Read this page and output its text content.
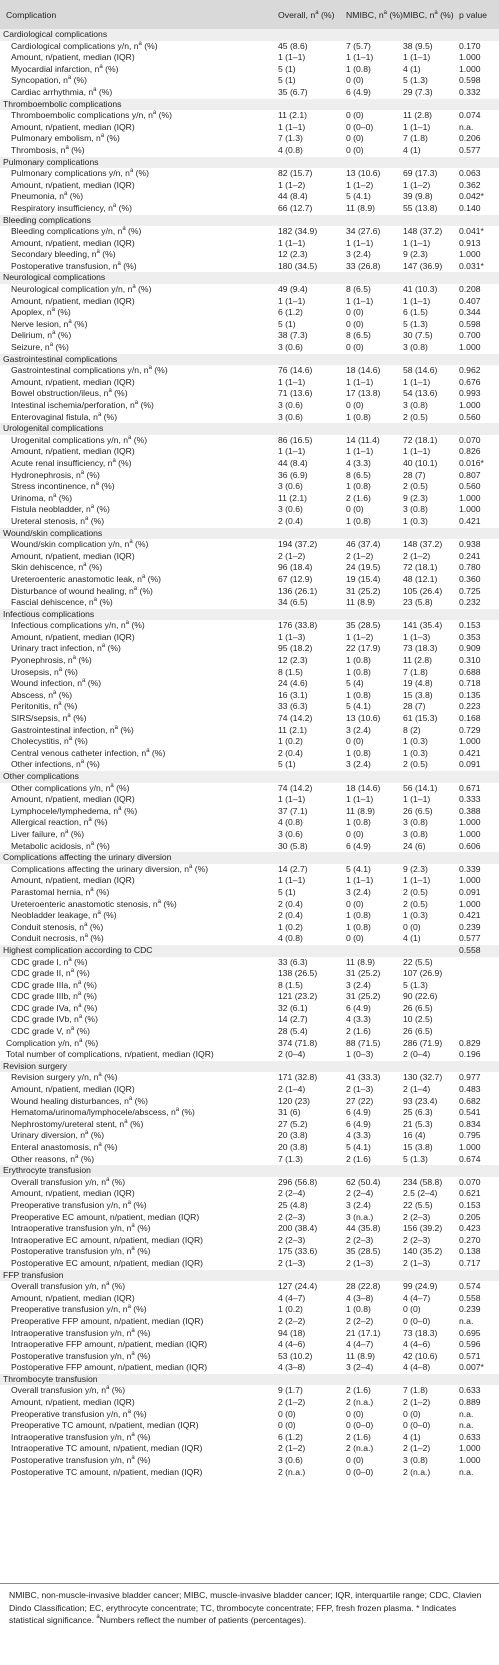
Complication	Overall, $n^a$ (%)	NMIBC, $n^a$ (%)	MIBC, $n^a$ (%)	p value
Cardiological complications				
Cardiological complications y/n, $n^a$ (%)	45 (8.6)	7 (5.7)	38 (9.5)	0.170
Amount, n/patient, median (IQR)	1 (1–1)	1 (1–1)	1 (1–1)	1.000
Myocardial infarction, $n^a$ (%)	5 (1)	1 (0.8)	4 (1)	1.000
Syncopation, $n^a$ (%)	5 (1)	0 (0)	5 (1.3)	0.598
Cardiac arrhythmia, $n^a$ (%)	35 (6.7)	6 (4.9)	29 (7.3)	0.332
Thromboembolic complications				
Thromboembolic complications y/n, $n^a$ (%)	11 (2.1)	0 (0)	11 (2.8)	0.074
Amount, n/patient, median (IQR)	1 (1–1)	0 (0–0)	1 (1–1)	n.a.
Pulmonary embolism, $n^a$ (%)	7 (1.3)	0 (0)	7 (1.8)	0.206
Thrombosis, $n^a$ (%)	4 (0.8)	0 (0)	4 (1)	0.577
Pulmonary complications				
Pulmonary complications y/n, $n^a$ (%)	82 (15.7)	13 (10.6)	69 (17.3)	0.063
Amount, n/patient, median (IQR)	1 (1–2)	1 (1–2)	1 (1–2)	0.362
Pneumonia, $n^a$ (%)	44 (8.4)	5 (4.1)	39 (9.8)	0.042*
Respiratory insufficiency, $n^a$ (%)	66 (12.7)	11 (8.9)	55 (13.8)	0.140
Bleeding complications				
Bleeding complications y/n, $n^a$ (%)	182 (34.9)	34 (27.6)	148 (37.2)	0.041*
Amount, n/patient, median (IQR)	1 (1–1)	1 (1–1)	1 (1–1)	0.913
Secondary bleeding, $n^a$ (%)	12 (2.3)	3 (2.4)	9 (2.3)	1.000
Postoperative transfusion, $n^a$ (%)	180 (34.5)	33 (26.8)	147 (36.9)	0.031*
Neurological complications				
Neurological complication y/n, $n^a$ (%)	49 (9.4)	8 (6.5)	41 (10.3)	0.208
Amount, n/patient, median (IQR)	1 (1–1)	1 (1–1)	1 (1–1)	0.407
Apoplex, $n^a$ (%)	6 (1.2)	0 (0)	6 (1.5)	0.344
Nerve lesion, $n^a$ (%)	5 (1)	0 (0)	5 (1.3)	0.598
Delirium, $n^a$ (%)	38 (7.3)	8 (6.5)	30 (7.5)	0.700
Seizure, $n^a$ (%)	3 (0.6)	0 (0)	3 (0.8)	1.000
Gastrointestinal complications				
Gastrointestinal complications y/n, $n^a$ (%)	76 (14.6)	18 (14.6)	58 (14.6)	0.962
Amount, n/patient, median (IQR)	1 (1–1)	1 (1–1)	1 (1–1)	0.676
Bowel obstruction/ileus, $n^a$ (%)	71 (13.6)	17 (13.8)	54 (13.6)	0.993
Intestinal ischemia/perforation, $n^a$ (%)	3 (0.6)	0 (0)	3 (0.8)	1.000
Enterovaginal fistula, $n^a$ (%)	3 (0.6)	1 (0.8)	2 (0.5)	0.560
Urologenital complications				
Urogenital complications y/n, $n^a$ (%)	86 (16.5)	14 (11.4)	72 (18.1)	0.070
Amount, n/patient, median (IQR)	1 (1–1)	1 (1–1)	1 (1–1)	0.826
Acute renal insufficiency, $n^a$ (%)	44 (8.4)	4 (3.3)	40 (10.1)	0.016*
Hydronephrosis, $n^a$ (%)	36 (6.9)	8 (6.5)	28 (7)	0.807
Stress incontinence, $n^a$ (%)	3 (0.6)	1 (0.8)	2 (0.5)	0.560
Urinoma, $n^a$ (%)	11 (2.1)	2 (1.6)	9 (2.3)	1.000
Fistula neobladder, $n^a$ (%)	3 (0.6)	0 (0)	3 (0.8)	1.000
Ureteral stenosis, $n^a$ (%)	2 (0.4)	1 (0.8)	1 (0.3)	0.421
Wound/skin complications				
Wound/skin complication y/n, $n^a$ (%)	194 (37.2)	46 (37.4)	148 (37.2)	0.938
Amount, n/patient, median (IQR)	2 (1–2)	2 (1–2)	2 (1–2)	0.241
Skin dehiscence, $n^a$ (%)	96 (18.4)	24 (19.5)	72 (18.1)	0.780
Ureteroenteric anastomotic leak, $n^a$ (%)	67 (12.9)	19 (15.4)	48 (12.1)	0.360
Disturbance of wound healing, $n^a$ (%)	136 (26.1)	31 (25.2)	105 (26.4)	0.725
Fascial dehiscence, $n^a$ (%)	34 (6.5)	11 (8.9)	23 (5.8)	0.232
Infectious complications				
Infectious complications y/n, $n^a$ (%)	176 (33.8)	35 (28.5)	141 (35.4)	0.153
Amount, n/patient, median (IQR)	1 (1–3)	1 (1–2)	1 (1–3)	0.353
Urinary tract infection, $n^a$ (%)	95 (18.2)	22 (17.9)	73 (18.3)	0.909
Pyonephrosis, $n^a$ (%)	12 (2.3)	1 (0.8)	11 (2.8)	0.310
Urosepsis, $n^a$ (%)	8 (1.5)	1 (0.8)	7 (1.8)	0.688
Wound infection, $n^a$ (%)	24 (4.6)	5 (4)	19 (4.8)	0.718
Abscess, $n^a$ (%)	16 (3.1)	1 (0.8)	15 (3.8)	0.135
Peritonitis, $n^a$ (%)	33 (6.3)	5 (4.1)	28 (7)	0.223
SIRS/sepsis, $n^a$ (%)	74 (14.2)	13 (10.6)	61 (15.3)	0.168
Gastrointestinal infection, $n^a$ (%)	11 (2.1)	3 (2.4)	8 (2)	0.729
Cholecystitis, $n^a$ (%)	1 (0.2)	0 (0)	1 (0.3)	1.000
Central venous catheter infection, $n^a$ (%)	2 (0.4)	1 (0.8)	1 (0.3)	0.421
Other infections, $n^a$ (%)	5 (1)	3 (2.4)	2 (0.5)	0.091
Other complications				
Other complications y/n, $n^a$ (%)	74 (14.2)	18 (14.6)	56 (14.1)	0.671
Amount, n/patient, median (IQR)	1 (1–1)	1 (1–1)	1 (1–1)	0.333
Lymphocele/lymphedema, $n^a$ (%)	37 (7.1)	11 (8.9)	26 (6.5)	0.388
Allergical reaction, $n^a$ (%)	4 (0.8)	1 (0.8)	3 (0.8)	1.000
Liver failure, $n^a$ (%)	3 (0.6)	0 (0)	3 (0.8)	1.000
Metabolic acidosis, $n^a$ (%)	30 (5.8)	6 (4.9)	24 (6)	0.606
Complications affecting the urinary diversion				
Complications affecting the urinary diversion, $n^a$ (%)	14 (2.7)	5 (4.1)	9 (2.3)	0.339
Amount, n/patient, median (IQR)	1 (1–1)	1 (1–1)	1 (1–1)	1.000
Parastomal hernia, $n^a$ (%)	5 (1)	3 (2.4)	2 (0.5)	0.091
Ureteroenteric anastomotic stenosis, $n^a$ (%)	2 (0.4)	0 (0)	2 (0.5)	1.000
Neobladder leakage, $n^a$ (%)	2 (0.4)	1 (0.8)	1 (0.3)	0.421
Conduit stenosis, $n^a$ (%)	1 (0.2)	1 (0.8)	0 (0)	0.239
Conduit necrosis, $n^a$ (%)	4 (0.8)	0 (0)	4 (1)	0.577
Highest complication according to CDC				0.558
CDC grade I, $n^a$ (%)	33 (6.3)	11 (8.9)	22 (5.5)	
CDC grade II, $n^a$ (%)	138 (26.5)	31 (25.2)	107 (26.9)	
CDC grade IIIa, $n^a$ (%)	8 (1.5)	3 (2.4)	5 (1.3)	
CDC grade IIIb, $n^a$ (%)	121 (23.2)	31 (25.2)	90 (22.6)	
CDC grade IVa, $n^a$ (%)	32 (6.1)	6 (4.9)	26 (6.5)	
CDC grade IVb, $n^a$ (%)	14 (2.7)	4 (3.3)	10 (2.5)	
CDC grade V, $n^a$ (%)	28 (5.4)	2 (1.6)	26 (6.5)	
Complication y/n, $n^a$ (%)	374 (71.8)	88 (71.5)	286 (71.9)	0.829
Total number of complications, n/patient, median (IQR)	2 (0–4)	1 (0–3)	2 (0–4)	0.196
Revision surgery				
Revision surgery y/n, $n^a$ (%)	171 (32.8)	41 (33.3)	130 (32.7)	0.977
Amount, n/patient, median (IQR)	2 (1–4)	2 (1–3)	2 (1–4)	0.483
Wound healing disturbances, $n^a$ (%)	120 (23)	27 (22)	93 (23.4)	0.682
Hematoma/urinoma/lymphocele/abscess, $n^a$ (%)	31 (6)	6 (4.9)	25 (6.3)	0.541
Nephrostomy/ureteral stent, $n^a$ (%)	27 (5.2)	6 (4.9)	21 (5.3)	0.834
Urinary diversion, $n^a$ (%)	20 (3.8)	4 (3.3)	16 (4)	0.795
Enteral anastomosis, $n^a$ (%)	20 (3.8)	5 (4.1)	15 (3.8)	1.000
Other reasons, $n^a$ (%)	7 (1.3)	2 (1.6)	5 (1.3)	0.674
Erythrocyte transfusion				
Overall transfusion y/n, $n^a$ (%)	296 (56.8)	62 (50.4)	234 (58.8)	0.070
Amount, n/patient, median (IQR)	2 (2–4)	2 (2–4)	2.5 (2–4)	0.621
Preoperative transfusion y/n, $n^a$ (%)	25 (4.8)	3 (2.4)	22 (5.5)	0.153
Preoperative EC amount, n/patient, median (IQR)	2 (2–3)	3 (n.a.)	2 (2–3)	0.205
Intraoperative transfusion y/n, $n^a$ (%)	200 (38.4)	44 (35.8)	156 (39.2)	0.423
Intraoperative EC amount, n/patient, median (IQR)	2 (2–3)	2 (2–3)	2 (2–3)	0.270
Postoperative transfusion y/n, $n^a$ (%)	175 (33.6)	35 (28.5)	140 (35.2)	0.138
Postoperative EC amount, n/patient, median (IQR)	2 (1–3)	2 (1–3)	2 (1–3)	0.717
FFP transfusion				
Overall transfusion y/n, $n^a$ (%)	127 (24.4)	28 (22.8)	99 (24.9)	0.574
Amount, n/patient, median (IQR)	4 (4–7)	4 (3–8)	4 (4–7)	0.558
Preoperative transfusion y/n, $n^a$ (%)	1 (0.2)	1 (0.8)	0 (0)	0.239
Preoperative FFP amount, n/patient, median (IQR)	2 (2–2)	2 (2–2)	0 (0–0)	n.a.
Intraoperative transfusion y/n, $n^a$ (%)	94 (18)	21 (17.1)	73 (18.3)	0.695
Intraoperative FFP amount, n/patient, median (IQR)	4 (4–6)	4 (4–7)	4 (4–6)	0.596
Postoperative transfusion y/n, $n^a$ (%)	53 (10.2)	11 (8.9)	42 (10.6)	0.571
Postoperative FFP amount, n/patient, median (IQR)	4 (3–8)	3 (2–4)	4 (4–8)	0.007*
Thrombocyte transfusion				
Overall transfusion y/n, $n^a$ (%)	9 (1.7)	2 (1.6)	7 (1.8)	0.633
Amount, n/patient, median (IQR)	2 (1–2)	2 (n.a.)	2 (1–2)	0.889
Preoperative transfusion y/n, $n^a$ (%)	0 (0)	0 (0)	0 (0)	n.a.
Preoperative TC amount, n/patient, median (IQR)	0 (0)	0 (0–0)	0 (0–0)	n.a.
Intraoperative transfusion y/n, $n^a$ (%)	6 (1.2)	2 (1.6)	4 (1)	0.633
Intraoperative TC amount, n/patient, median (IQR)	2 (1–2)	2 (n.a.)	2 (1–2)	1.000
Postoperative transfusion y/n, $n^a$ (%)	3 (0.6)	0 (0)	3 (0.8)	1.000
Postoperative TC amount, n/patient, median (IQR)	2 (n.a.)	0 (0–0)	2 (n.a.)	n.a.
NMIBC, non-muscle-invasive bladder cancer; MIBC, muscle-invasive bladder cancer; IQR, interquartile range; CDC, Clavien Dindo Classification; EC, erythrocyte concentrate; TC, thrombocyte concentrate; FFP, fresh frozen plasma. * Indicates statistical significance. $^a$Numbers reflect the number of patients (percentages).
